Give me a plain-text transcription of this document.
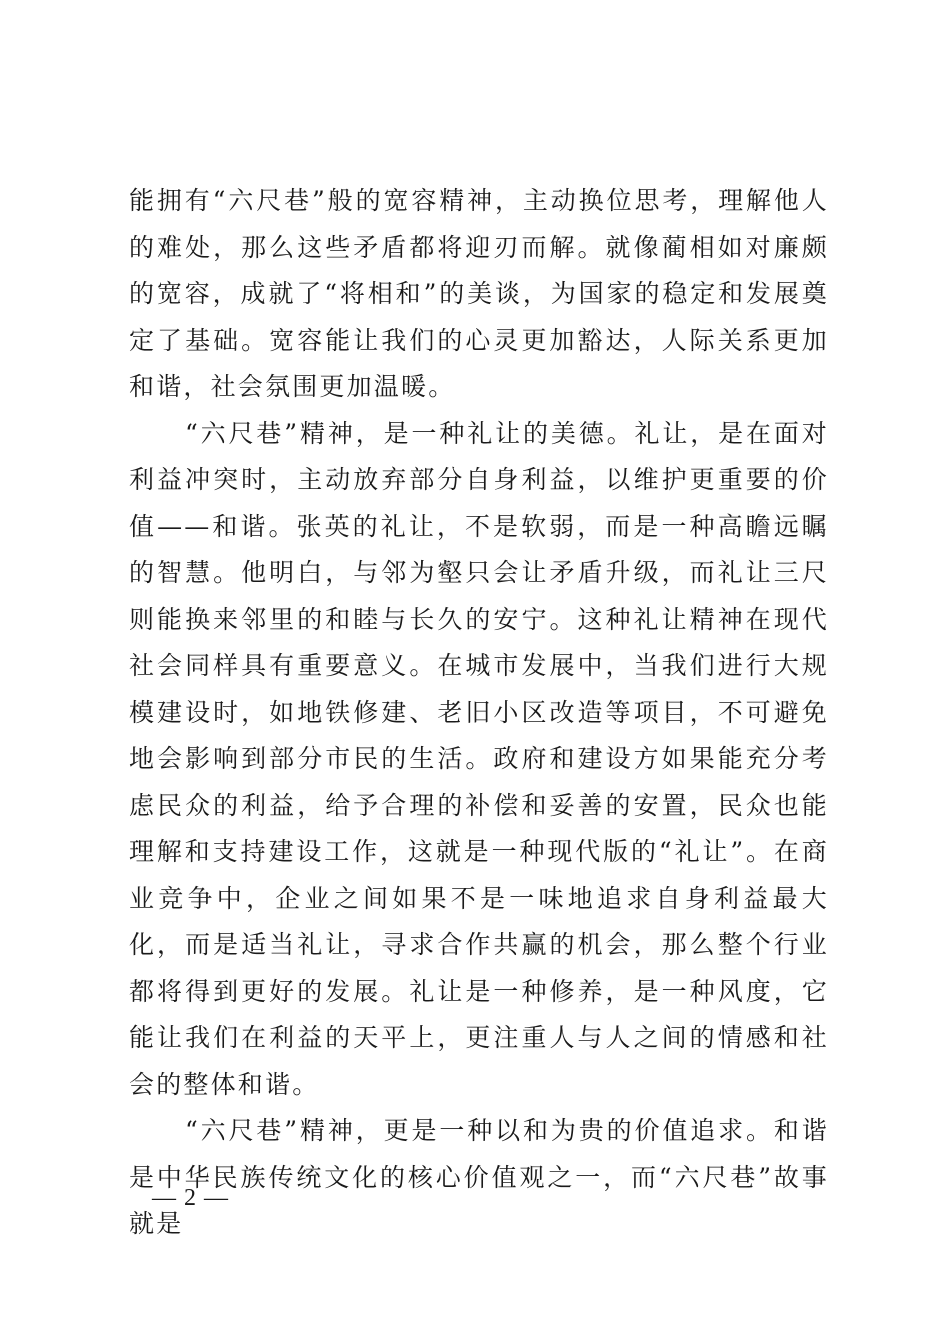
能拥有“六尺巷”般的宽容精神，主动换位思考，理解他人的难处，那么这些矛盾都将迎刃而解。就像蔺相如对廉颇的宽容，成就了“将相和”的美谈，为国家的稳定和发展奠定了基础。宽容能让我们的心灵更加豁达，人际关系更加和谐，社会氛围更加温暖。

“六尺巷”精神，是一种礼让的美德。礼让，是在面对利益冲突时，主动放弃部分自身利益，以维护更重要的价值——和谐。张英的礼让，不是软弱，而是一种高瞻远瞩的智慧。他明白，与邻为壑只会让矛盾升级，而礼让三尺则能换来邻里的和睦与长久的安宁。这种礼让精神在现代社会同样具有重要意义。在城市发展中，当我们进行大规模建设时，如地铁修建、老旧小区改造等项目，不可避免地会影响到部分市民的生活。政府和建设方如果能充分考虑民众的利益，给予合理的补偿和妥善的安置，民众也能理解和支持建设工作，这就是一种现代版的“礼让”。在商业竞争中，企业之间如果不是一味地追求自身利益最大化，而是适当礼让，寻求合作共赢的机会，那么整个行业都将得到更好的发展。礼让是一种修养，是一种风度，它能让我们在利益的天平上，更注重人与人之间的情感和社会的整体和谐。

“六尺巷”精神，更是一种以和为贵的价值追求。和谐是中华民族传统文化的核心价值观之一，而“六尺巷”故事就是

— 2 —
